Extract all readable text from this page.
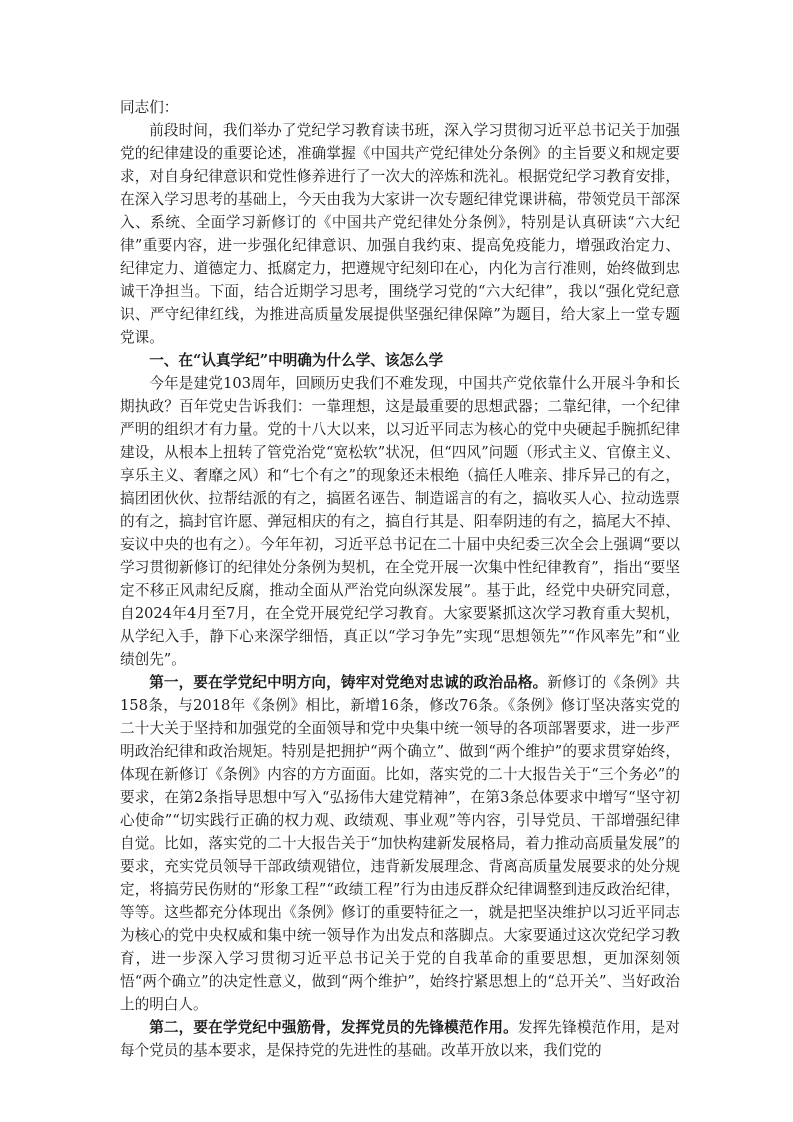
同志们：

前段时间，我们举办了党纪学习教育读书班，深入学习贯彻习近平总书记关于加强党的纪律建设的重要论述，准确掌握《中国共产党纪律处分条例》的主旨要义和规定要求，对自身纪律意识和党性修养进行了一次大的淬炼和洗礼。根据党纪学习教育安排，在深入学习思考的基础上，今天由我为大家讲一次专题纪律党课讲稿，带领党员干部深入、系统、全面学习新修订的《中国共产党纪律处分条例》，特别是认真研读“六大纪律”重要内容，进一步强化纪律意识、加强自我约束、提高免疫能力，增强政治定力、纪律定力、道德定力、抵腐定力，把遵规守纪刻印在心，内化为言行准则，始终做到忠诚干净担当。下面，结合近期学习思考，围绕学习党的“六大纪律”，我以“强化党纪意识、严守纪律红线，为推进高质量发展提供坚强纪律保障”为题目，给大家上一堂专题党课。

一、在“认真学纪”中明确为什么学、该怎么学

今年是建党103周年，回顾历史我们不难发现，中国共产党依靠什么开展斗争和长期执政？百年党史告诉我们：一靠理想，这是最重要的思想武器；二靠纪律，一个纪律严明的组织才有力量。党的十八大以来，以习近平同志为核心的党中央硬起手腕抓纪律建设，从根本上扭转了管党治党“宽松软”状况，但“四风”问题（形式主义、官僚主义、享乐主义、奢靡之风）和“七个有之”的现象还未根绝（搞任人唯亲、排斥异己的有之，搞团团伙伙、拉帮结派的有之，搞匿名诬告、制造谣言的有之，搞收买人心、拉动选票的有之，搞封官许愿、弹冠相庆的有之，搞自行其是、阳奉阴违的有之，搞尾大不掉、妄议中央的也有之）。今年年初，习近平总书记在二十届中央纪委三次全会上强调“要以学习贯彻新修订的纪律处分条例为契机，在全党开展一次集中性纪律教育”，指出“要坚定不移正风肃纪反腐，推动全面从严治党向纵深发展”。基于此，经党中央研究同意，自2024年4月至7月，在全党开展党纪学习教育。大家要紧抓这次学习教育重大契机，从学纪入手，静下心来深学细悟，真正以“学习争先”实现“思想领先”“作风率先”和“业绩创先”。

第一，要在学党纪中明方向，铸牢对党绝对忠诚的政治品格。新修订的《条例》共158条，与2018年《条例》相比，新增16条，修改76条。《条例》修订坚决落实党的二十大关于坚持和加强党的全面领导和党中央集中统一领导的各项部署要求，进一步严明政治纪律和政治规矩。特别是把拥护“两个确立”、做到“两个维护”的要求贯穿始终，体现在新修订《条例》内容的方方面面。比如，落实党的二十大报告关于“三个务必”的要求，在第2条指导思想中写入“弘扬伟大建党精神”，在第3条总体要求中增写“坚守初心使命”“切实践行正确的权力观、政绩观、事业观”等内容，引导党员、干部增强纪律自觉。比如，落实党的二十大报告关于“加快构建新发展格局，着力推动高质量发展”的要求，充实党员领导干部政绩观错位，违背新发展理念、背离高质量发展要求的处分规定，将搞劳民伤财的“形象工程”“政绩工程”行为由违反群众纪律调整到违反政治纪律，等等。这些都充分体现出《条例》修订的重要特征之一，就是把坚决维护以习近平同志为核心的党中央权威和集中统一领导作为出发点和落脚点。大家要通过这次党纪学习教育，进一步深入学习贯彻习近平总书记关于党的自我革命的重要思想，更加深刻领悟“两个确立”的决定性意义，做到“两个维护”，始终拧紧思想上的“总开关”、当好政治上的明白人。

第二，要在学党纪中强筋骨，发挥党员的先锋模范作用。发挥先锋模范作用，是对每个党员的基本要求，是保持党的先进性的基础。改革开放以来，我们党的
